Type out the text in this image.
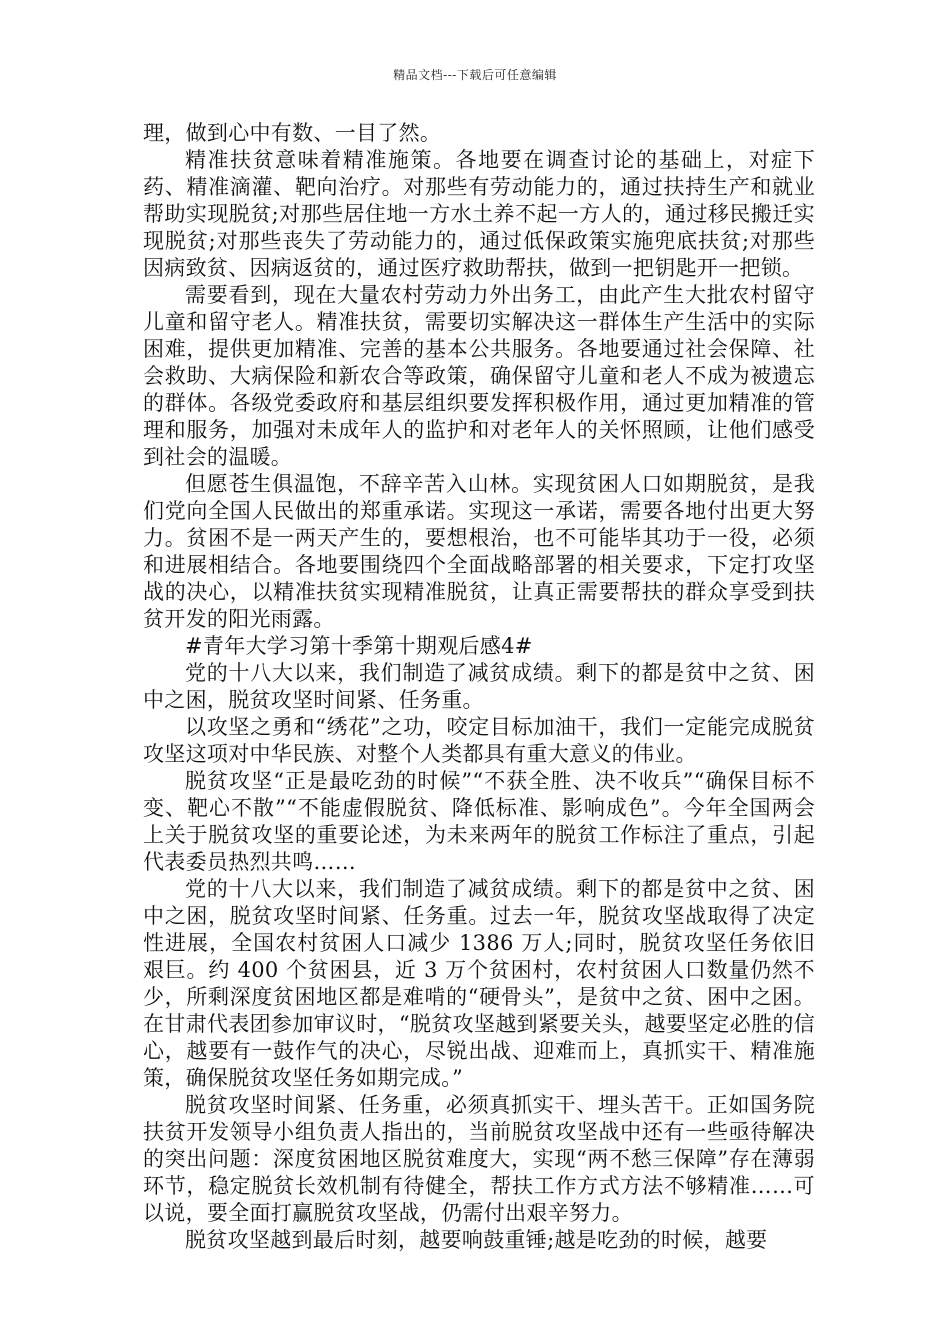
精品文档---下载后可任意编辑

理，做到心中有数、一目了然。

精准扶贫意味着精准施策。各地要在调查讨论的基础上，对症下药、精准滴灌、靶向治疗。对那些有劳动能力的，通过扶持生产和就业帮助实现脱贫;对那些居住地一方水土养不起一方人的，通过移民搬迁实现脱贫;对那些丧失了劳动能力的，通过低保政策实施兜底扶贫;对那些因病致贫、因病返贫的，通过医疗救助帮扶，做到一把钥匙开一把锁。

需要看到，现在大量农村劳动力外出务工，由此产生大批农村留守儿童和留守老人。精准扶贫，需要切实解决这一群体生产生活中的实际困难，提供更加精准、完善的基本公共服务。各地要通过社会保障、社会救助、大病保险和新农合等政策，确保留守儿童和老人不成为被遗忘的群体。各级党委政府和基层组织要发挥积极作用，通过更加精准的管理和服务，加强对未成年人的监护和对老年人的关怀照顾，让他们感受到社会的温暖。

但愿苍生俱温饱，不辞辛苦入山林。实现贫困人口如期脱贫，是我们党向全国人民做出的郑重承诺。实现这一承诺，需要各地付出更大努力。贫困不是一两天产生的，要想根治，也不可能毕其功于一役，必须和进展相结合。各地要围绕四个全面战略部署的相关要求，下定打攻坚战的决心，以精准扶贫实现精准脱贫，让真正需要帮扶的群众享受到扶贫开发的阳光雨露。

#青年大学习第十季第十期观后感4#

党的十八大以来，我们制造了减贫成绩。剩下的都是贫中之贫、困中之困，脱贫攻坚时间紧、任务重。

以攻坚之勇和“绣花”之功，咬定目标加油干，我们一定能完成脱贫攻坚这项对中华民族、对整个人类都具有重大意义的伟业。

脱贫攻坚“正是最吃劲的时候”“不获全胜、决不收兵”“确保目标不变、靶心不散”“不能虚假脱贫、降低标准、影响成色”。今年全国两会上关于脱贫攻坚的重要论述，为未来两年的脱贫工作标注了重点，引起代表委员热烈共鸣……

党的十八大以来，我们制造了减贫成绩。剩下的都是贫中之贫、困中之困，脱贫攻坚时间紧、任务重。过去一年，脱贫攻坚战取得了决定性进展，全国农村贫困人口减少 1386 万人;同时，脱贫攻坚任务依旧艰巨。约 400 个贫困县，近 3 万个贫困村，农村贫困人口数量仍然不少，所剩深度贫困地区都是难啃的“硬骨头”，是贫中之贫、困中之困。在甘肃代表团参加审议时，“脱贫攻坚越到紧要关头，越要坚定必胜的信心，越要有一鼓作气的决心，尽锐出战、迎难而上，真抓实干、精准施策，确保脱贫攻坚任务如期完成。”

脱贫攻坚时间紧、任务重，必须真抓实干、埋头苦干。正如国务院扶贫开发领导小组负责人指出的，当前脱贫攻坚战中还有一些亟待解决的突出问题：深度贫困地区脱贫难度大，实现“两不愁三保障”存在薄弱环节，稳定脱贫长效机制有待健全，帮扶工作方式方法不够精准……可以说，要全面打赢脱贫攻坚战，仍需付出艰辛努力。

脱贫攻坚越到最后时刻，越要响鼓重锤;越是吃劲的时候，越要
